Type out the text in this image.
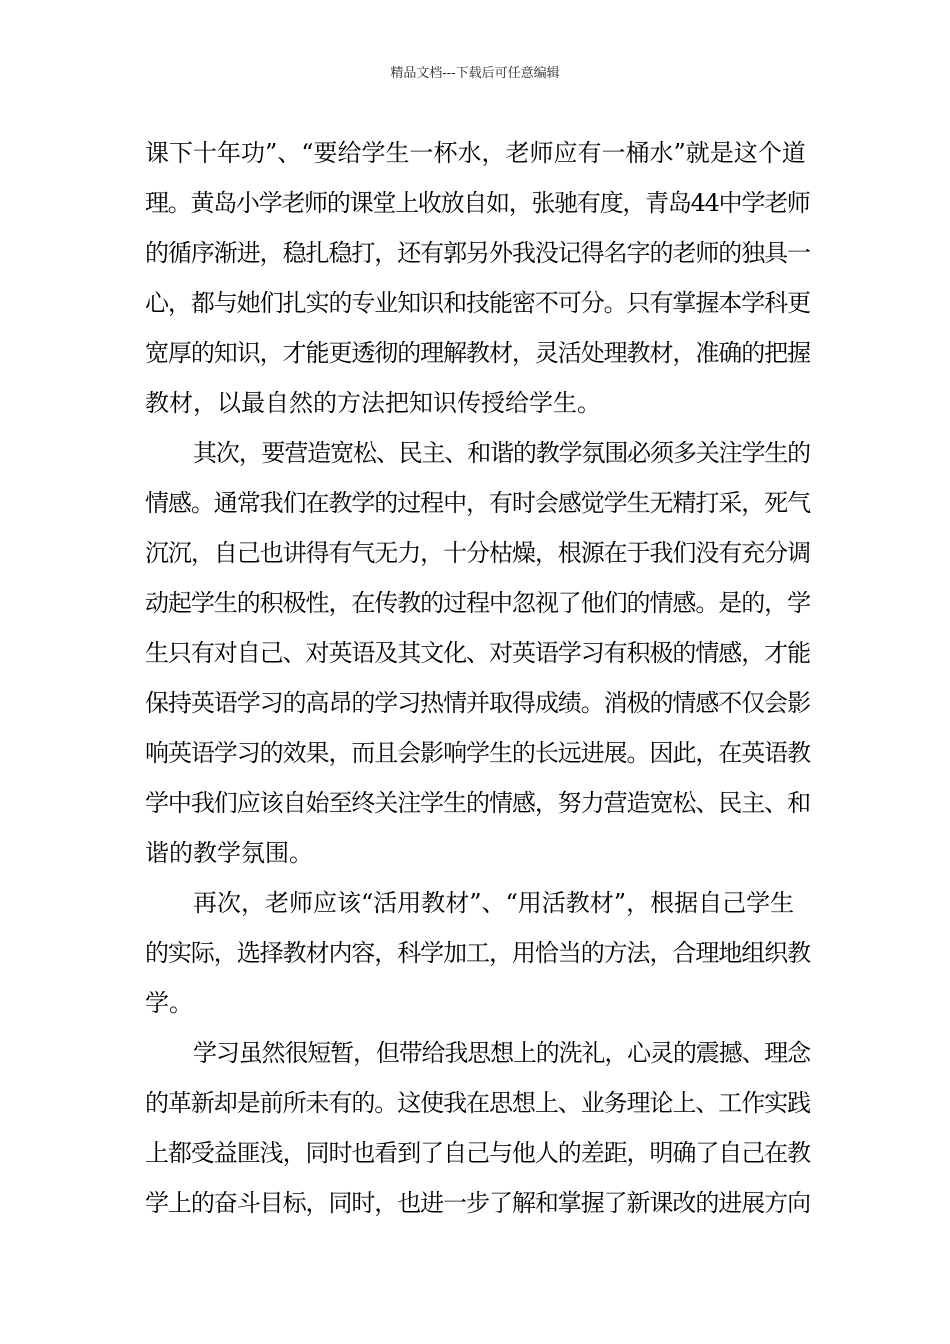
精品文档---下载后可任意编辑
课下十年功”、“要给学生一杯水，老师应有一桶水”就是这个道
理。黄岛小学老师的课堂上收放自如，张驰有度，青岛44中学老师
的循序渐进，稳扎稳打，还有郭另外我没记得名字的老师的独具一
心，都与她们扎实的专业知识和技能密不可分。只有掌握本学科更
宽厚的知识，才能更透彻的理解教材，灵活处理教材，准确的把握
教材，以最自然的方法把知识传授给学生。
其次，要营造宽松、民主、和谐的教学氛围必须多关注学生的
情感。通常我们在教学的过程中，有时会感觉学生无精打采，死气
沉沉，自己也讲得有气无力，十分枯燥，根源在于我们没有充分调
动起学生的积极性，在传教的过程中忽视了他们的情感。是的，学
生只有对自己、对英语及其文化、对英语学习有积极的情感，才能
保持英语学习的高昂的学习热情并取得成绩。消极的情感不仅会影
响英语学习的效果，而且会影响学生的长远进展。因此，在英语教
学中我们应该自始至终关注学生的情感，努力营造宽松、民主、和
谐的教学氛围。
再次，老师应该“活用教材”、“用活教材”，根据自己学生
的实际，选择教材内容，科学加工，用恰当的方法，合理地组织教
学。
学习虽然很短暂，但带给我思想上的洗礼，心灵的震撼、理念
的革新却是前所未有的。这使我在思想上、业务理论上、工作实践
上都受益匪浅，同时也看到了自己与他人的差距，明确了自己在教
学上的奋斗目标，同时，也进一步了解和掌握了新课改的进展方向
